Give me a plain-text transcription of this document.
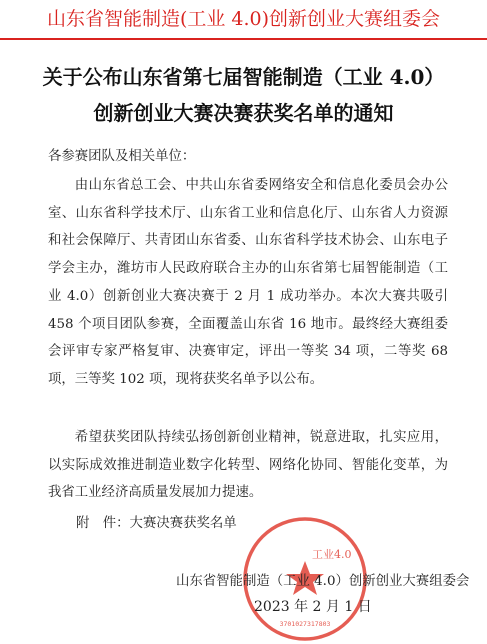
山东省智能制造(工业 4.0)创新创业大赛组委会
关于公布山东省第七届智能制造（工业 4.0）
创新创业大赛决赛获奖名单的通知
各参赛团队及相关单位：

由山东省总工会、中共山东省委网络安全和信息化委员会办公室、山东省科学技术厅、山东省工业和信息化厅、山东省人力资源和社会保障厅、共青团山东省委、山东省科学技术协会、山东电子学会主办，潍坊市人民政府联合主办的山东省第七届智能制造（工业 4.0）创新创业大赛决赛于 2 月 1 成功举办。本次大赛共吸引 458 个项目团队参赛，全面覆盖山东省 16 地市。最终经大赛组委会评审专家严格复审、决赛审定，评出一等奖 34 项，二等奖 68 项，三等奖 102 项，现将获奖名单予以公布。

希望获奖团队持续弘扬创新创业精神，锐意进取，扎实应用，以实际成效推进制造业数字化转型、网络化协同、智能化变革，为我省工业经济高质量发展加力提速。

附　件：大赛决赛获奖名单
工业4.0
3701027317803
山东省智能制造（工业 4.0）创新创业大赛组委会
2023 年 2 月 1 日
